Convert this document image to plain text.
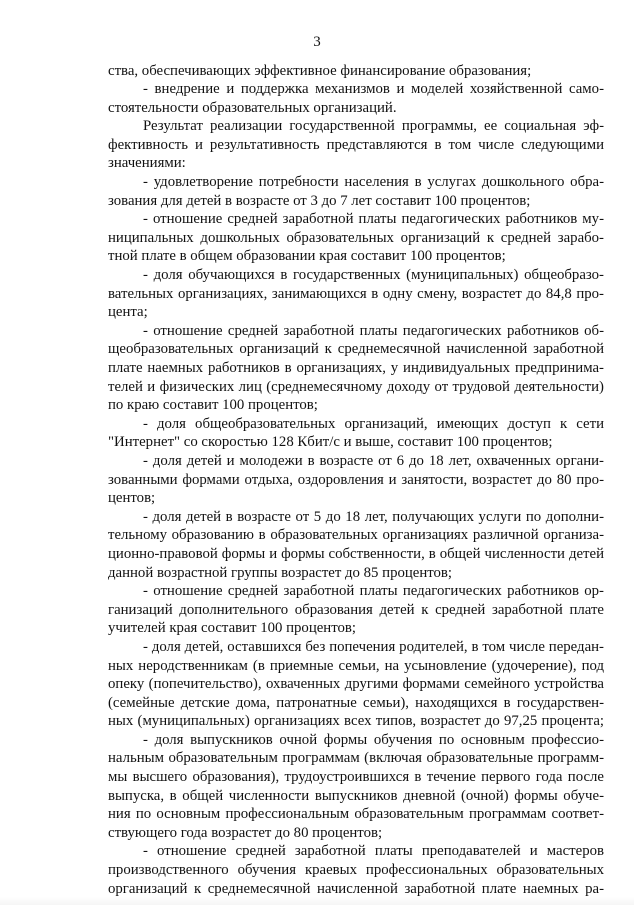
3
ства, обеспечивающих эффективное финансирование образования;
- внедрение и поддержка механизмов и моделей хозяйственной само-
стоятельности образовательных организаций.
Результат реализации государственной программы, ее социальная эф-
фективность и результативность представляются в том числе следующими
значениями:
- удовлетворение потребности населения в услугах дошкольного обра-
зования для детей в возрасте от 3 до 7 лет составит 100 процентов;
- отношение средней заработной платы педагогических работников му-
ниципальных дошкольных образовательных организаций к средней зарабо-
тной плате в общем образовании края составит 100 процентов;
- доля обучающихся в государственных (муниципальных) общеобразо-
вательных организациях, занимающихся в одну смену, возрастет до 84,8 про-
цента;
- отношение средней заработной платы педагогических работников об-
щеобразовательных организаций к среднемесячной начисленной заработной
плате наемных работников в организациях, у индивидуальных предпринима-
телей и физических лиц (среднемесячному доходу от трудовой деятельности)
по краю составит 100 процентов;
- доля общеобразовательных организаций, имеющих доступ к сети
"Интернет" со скоростью 128 Кбит/с и выше, составит 100 процентов;
- доля детей и молодежи в возрасте от 6 до 18 лет, охваченных органи-
зованными формами отдыха, оздоровления и занятости, возрастет до 80 про-
центов;
- доля детей в возрасте от 5 до 18 лет, получающих услуги по дополни-
тельному образованию в образовательных организациях различной организа-
ционно-правовой формы и формы собственности, в общей численности детей
данной возрастной группы возрастет до 85 процентов;
- отношение средней заработной платы педагогических работников ор-
ганизаций дополнительного образования детей к средней заработной плате
учителей края составит 100 процентов;
- доля детей, оставшихся без попечения родителей, в том числе передан-
ных неродственникам (в приемные семьи, на усыновление (удочерение), под
опеку (попечительство), охваченных другими формами семейного устройства
(семейные детские дома, патронатные семьи), находящихся в государствен-
ных (муниципальных) организациях всех типов, возрастет до 97,25 процента;
- доля выпускников очной формы обучения по основным профессио-
нальным образовательным программам (включая образовательные программ-
мы высшего образования), трудоустроившихся в течение первого года после
выпуска, в общей численности выпускников дневной (очной) формы обуче-
ния по основным профессиональным образовательным программам соответ-
ствующего года возрастет до 80 процентов;
- отношение средней заработной платы преподавателей и мастеров
производственного обучения краевых профессиональных образовательных
организаций к среднемесячной начисленной заработной плате наемных ра-
